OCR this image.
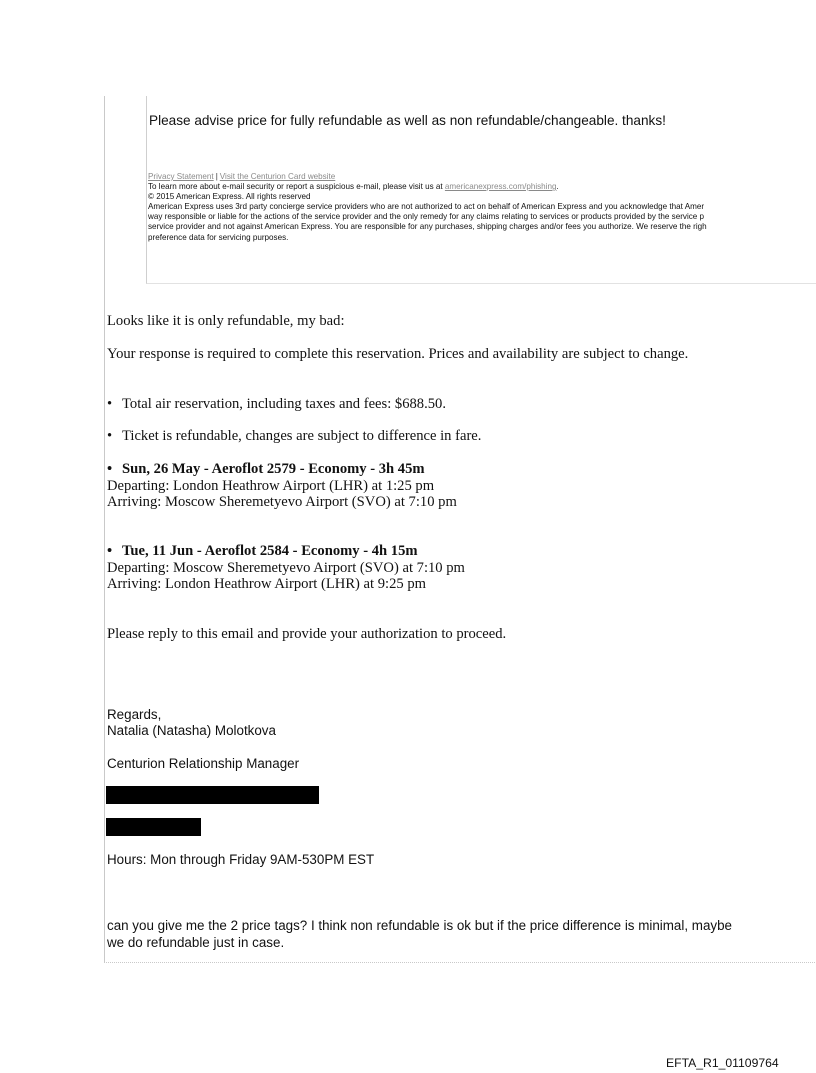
Please advise price for fully refundable as well as non refundable/changeable. thanks!
Privacy Statement | Visit the Centurion Card website
To learn more about e-mail security or report a suspicious e-mail, please visit us at americanexpress.com/phishing.
© 2015 American Express. All rights reserved
American Express uses 3rd party concierge service providers who are not authorized to act on behalf of American Express and you acknowledge that Amer
way responsible or liable for the actions of the service provider and the only remedy for any claims relating to services or products provided by the service p
service provider and not against American Express. You are responsible for any purchases, shipping charges and/or fees you authorize. We reserve the righ
preference data for servicing purposes.
Looks like it is only refundable, my bad:
Your response is required to complete this reservation. Prices and availability are subject to change.
• Total air reservation, including taxes and fees: $688.50.
• Ticket is refundable, changes are subject to difference in fare.

• Sun, 26 May - Aeroflot 2579 - Economy - 3h 45m

Departing: London Heathrow Airport (LHR) at 1:25 pm

Arriving: Moscow Sheremetyevo Airport (SVO) at 7:10 pm

• Tue, 11 Jun - Aeroflot 2584 - Economy - 4h 15m

Departing: Moscow Sheremetyevo Airport (SVO) at 7:10 pm

Arriving: London Heathrow Airport (LHR) at 9:25 pm

Please reply to this email and provide your authorization to proceed.
Regards,
Natalia (Natasha) Molotkova
Centurion Relationship Manager
Hours: Mon through Friday 9AM-530PM EST
can you give me the 2 price tags? I think non refundable is ok but if the price difference is minimal, maybe we do refundable just in case.
EFTA_R1_01109764
